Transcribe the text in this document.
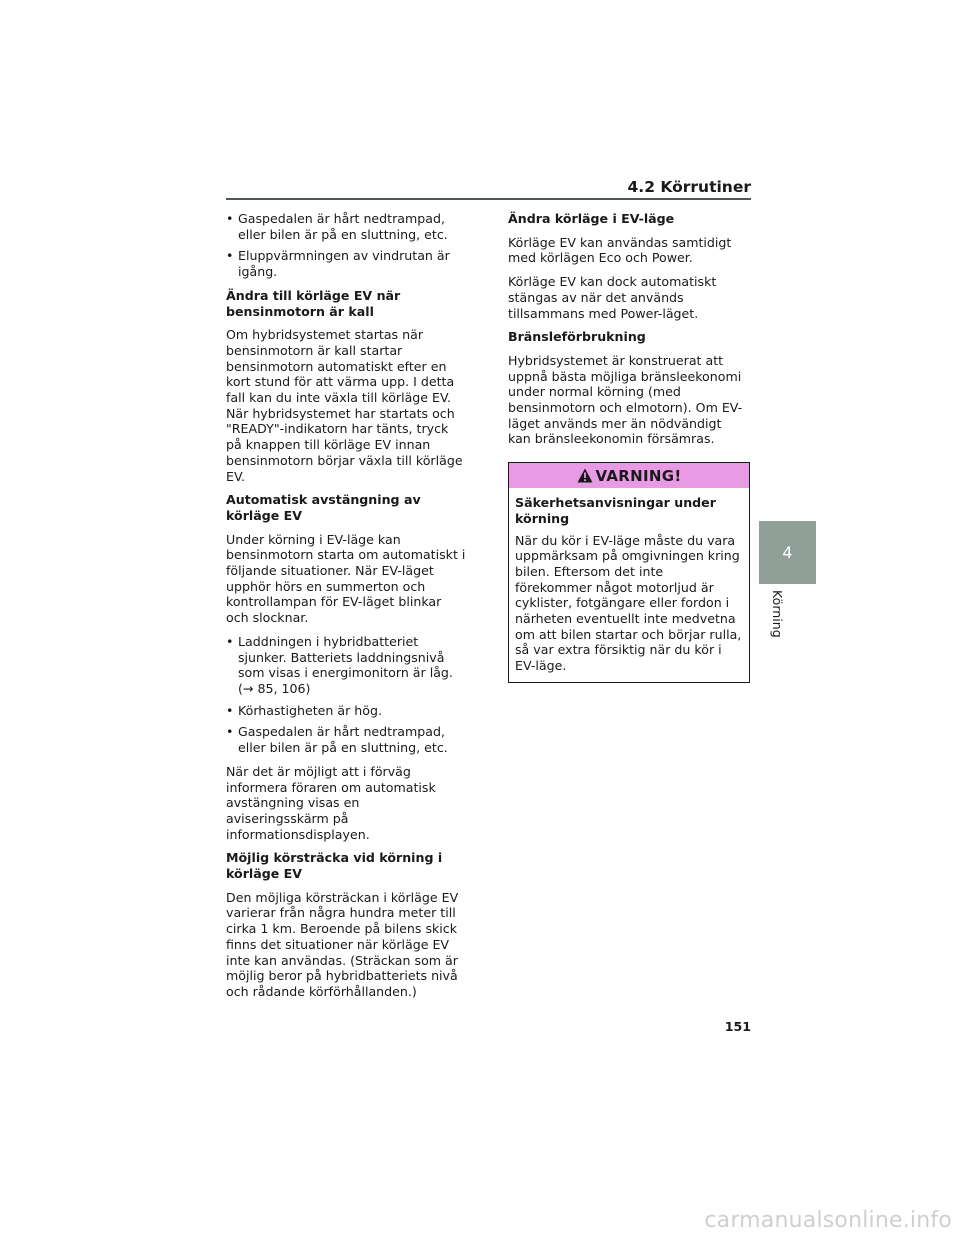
4.2 Körrutiner
• Gaspedalen är hårt nedtrampad, eller bilen är på en sluttning, etc.
• Eluppvärmningen av vindrutan är igång.
Ändra till körläge EV när bensinmotorn är kall

Om hybridsystemet startas när bensinmotorn är kall startar bensinmotorn automatiskt efter en kort stund för att värma upp. I detta fall kan du inte växla till körläge EV. När hybridsystemet har startats och "READY"-indikatorn har tänts, tryck på knappen till körläge EV innan bensinmotorn börjar växla till körläge EV.

Automatisk avstängning av körläge EV

Under körning i EV-läge kan bensinmotorn starta om automatiskt i följande situationer. När EV-läget upphör hörs en summerton och kontrollampan för EV-läget blinkar och slocknar.

• Laddningen i hybridbatteriet sjunker. Batteriets laddningsnivå som visas i energimonitorn är låg. (→ 85, 106)
• Körhastigheten är hög.
• Gaspedalen är hårt nedtrampad, eller bilen är på en sluttning, etc.

När det är möjligt att i förväg informera föraren om automatisk avstängning visas en aviseringsskärm på informationsdisplayen.

Möjlig körsträcka vid körning i körläge EV

Den möjliga körsträckan i körläge EV varierar från några hundra meter till cirka 1 km. Beroende på bilens skick finns det situationer när körläge EV inte kan användas. (Sträckan som är möjlig beror på hybridbatteriets nivå och rådande körförhållanden.)

Ändra körläge i EV-läge

Körläge EV kan användas samtidigt med körlägen Eco och Power.

Körläge EV kan dock automatiskt stängas av när det används tillsammans med Power-läget.

Bränsleförbrukning

Hybridsystemet är konstruerat att uppnå bästa möjliga bränsleekonomi under normal körning (med bensinmotorn och elmotorn). Om EV-läget används mer än nödvändigt kan bränsleekonomin försämras.

VARNING!
Säkerhetsanvisningar under körning

När du kör i EV-läge måste du vara uppmärksam på omgivningen kring bilen. Eftersom det inte förekommer något motorljud är cyklister, fotgängare eller fordon i närheten eventuellt inte medvetna om att bilen startar och börjar rulla, så var extra försiktig när du kör i EV-läge.

4
Körning
151
carmanualsonline.info
